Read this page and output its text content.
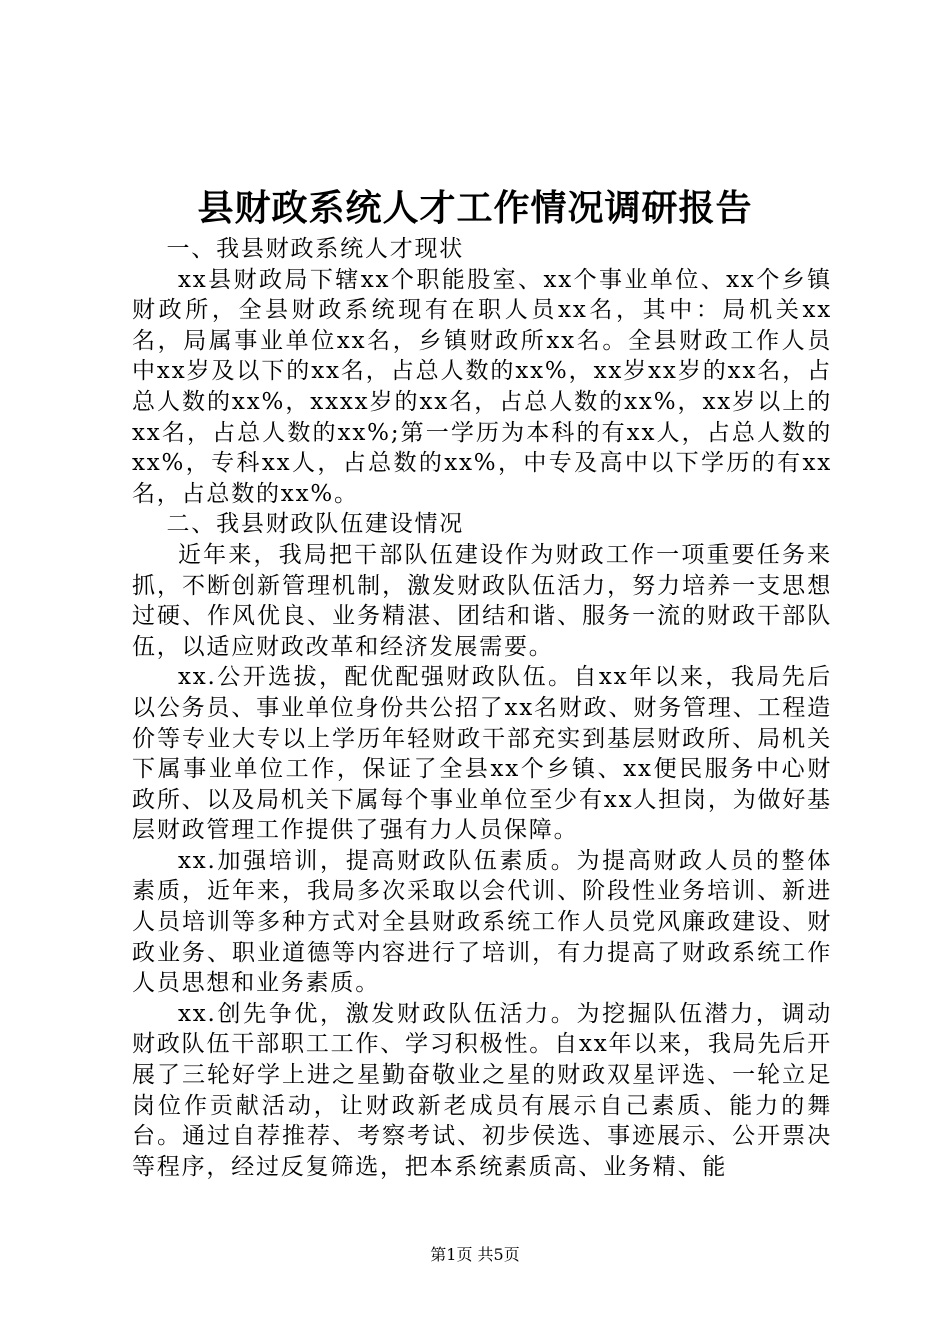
县财政系统人才工作情况调研报告

一、我县财政系统人才现状

xx县财政局下辖xx个职能股室、xx个事业单位、xx个乡镇财政所，全县财政系统现有在职人员xx名，其中：局机关xx名，局属事业单位xx名，乡镇财政所xx名。全县财政工作人员中xx岁及以下的xx名，占总人数的xx%，xx岁xx岁的xx名，占总人数的xx%，xxxx岁的xx名，占总人数的xx%，xx岁以上的xx名，占总人数的xx%;第一学历为本科的有xx人，占总人数的xx%，专科xx人，占总数的xx%，中专及高中以下学历的有xx名，占总数的xx%。

二、我县财政队伍建设情况

近年来，我局把干部队伍建设作为财政工作一项重要任务来抓，不断创新管理机制，激发财政队伍活力，努力培养一支思想过硬、作风优良、业务精湛、团结和谐、服务一流的财政干部队伍，以适应财政改革和经济发展需要。

xx.公开选拔，配优配强财政队伍。自xx年以来，我局先后以公务员、事业单位身份共公招了xx名财政、财务管理、工程造价等专业大专以上学历年轻财政干部充实到基层财政所、局机关下属事业单位工作，保证了全县xx个乡镇、xx便民服务中心财政所、以及局机关下属每个事业单位至少有xx人担岗，为做好基层财政管理工作提供了强有力人员保障。

xx.加强培训，提高财政队伍素质。为提高财政人员的整体素质，近年来，我局多次采取以会代训、阶段性业务培训、新进人员培训等多种方式对全县财政系统工作人员党风廉政建设、财政业务、职业道德等内容进行了培训，有力提高了财政系统工作人员思想和业务素质。

xx.创先争优，激发财政队伍活力。为挖掘队伍潜力，调动财政队伍干部职工工作、学习积极性。自xx年以来，我局先后开展了三轮好学上进之星勤奋敬业之星的财政双星评选、一轮立足岗位作贡献活动，让财政新老成员有展示自己素质、能力的舞台。通过自荐推荐、考察考试、初步侯选、事迹展示、公开票决等程序，经过反复筛选，把本系统素质高、业务精、能

第1页 共5页
